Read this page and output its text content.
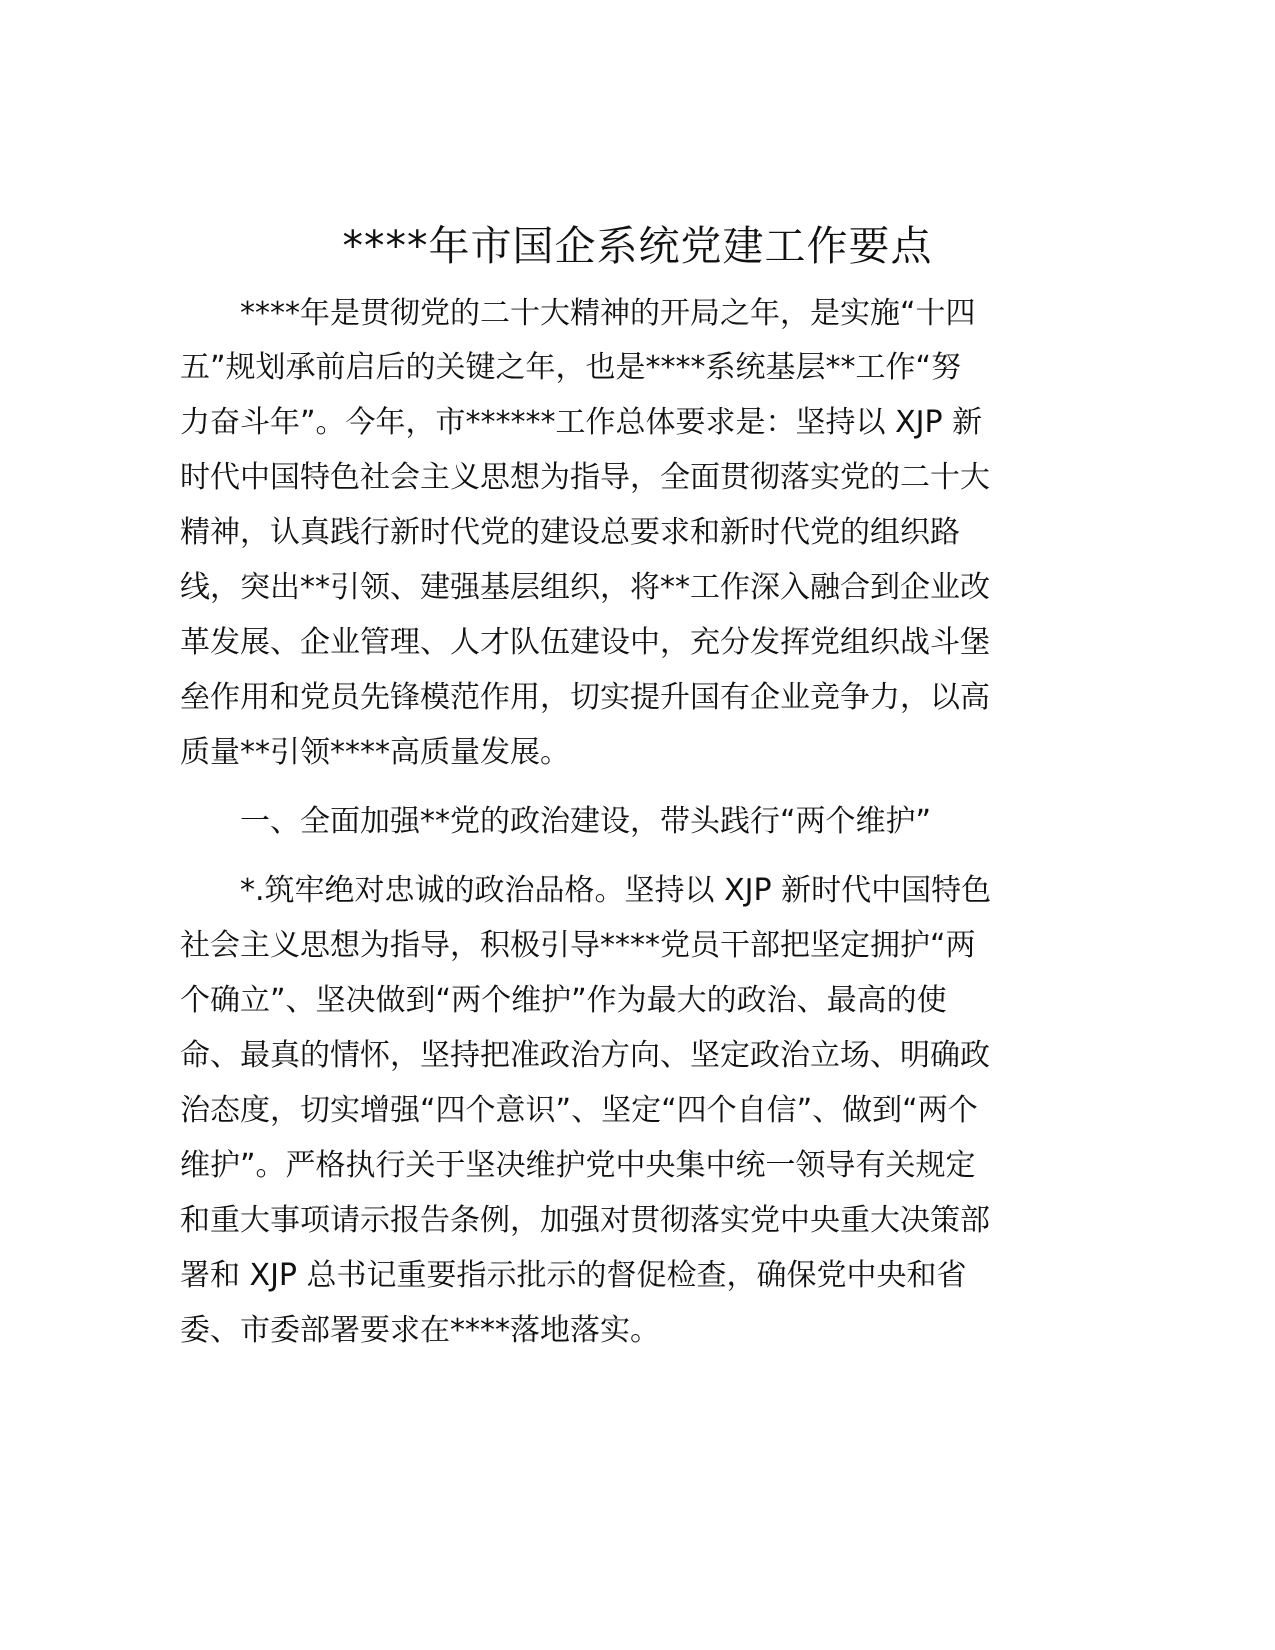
****年市国企系统党建工作要点

****年是贯彻党的二十大精神的开局之年，是实施“十四

五”规划承前启后的关键之年，也是****系统基层**工作“努

力奋斗年”。今年，市******工作总体要求是：坚持以 XJP 新

时代中国特色社会主义思想为指导，全面贯彻落实党的二十大

精神，认真践行新时代党的建设总要求和新时代党的组织路

线，突出**引领、建强基层组织，将**工作深入融合到企业改

革发展、企业管理、人才队伍建设中，充分发挥党组织战斗堡

垒作用和党员先锋模范作用，切实提升国有企业竞争力，以高

质量**引领****高质量发展。

一、全面加强**党的政治建设，带头践行“两个维护”

*.筑牢绝对忠诚的政治品格。坚持以 XJP 新时代中国特色

社会主义思想为指导，积极引导****党员干部把坚定拥护“两

个确立”、坚决做到“两个维护”作为最大的政治、最高的使

命、最真的情怀，坚持把准政治方向、坚定政治立场、明确政

治态度，切实增强“四个意识”、坚定“四个自信”、做到“两个

维护”。严格执行关于坚决维护党中央集中统一领导有关规定

和重大事项请示报告条例，加强对贯彻落实党中央重大决策部

署和 XJP 总书记重要指示批示的督促检查，确保党中央和省

委、市委部署要求在****落地落实。
